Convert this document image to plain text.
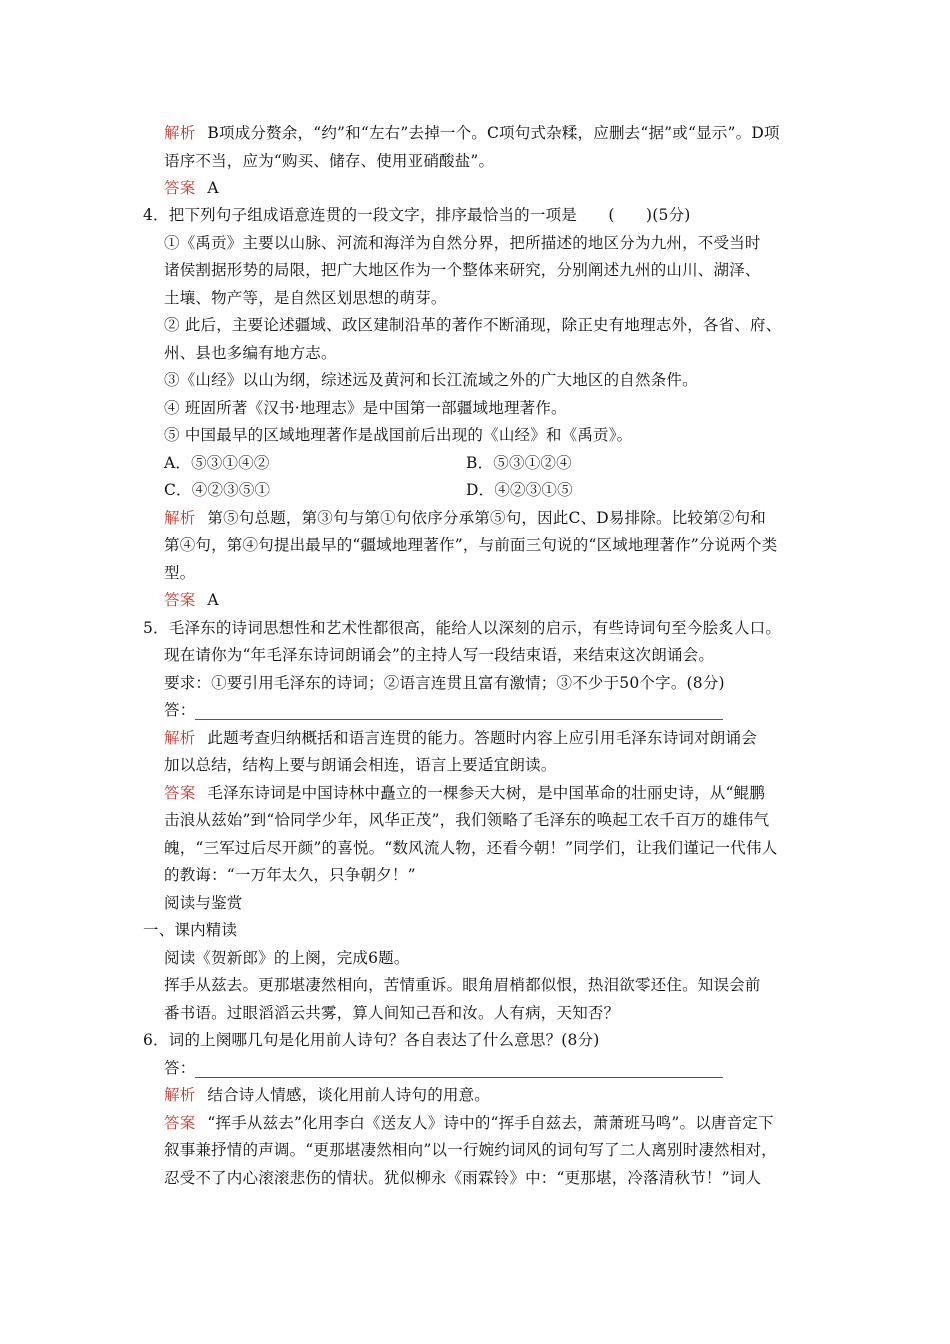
解析 B项成分赘余，“约”和“左右”去掉一个。C项句式杂糅，应删去“据”或“显示”。D项
语序不当，应为“购买、储存、使用亚硝酸盐”。
答案 A
4．把下列句子组成语意连贯的一段文字，排序最恰当的一项是　　(　　)(5分)
①《禹贡》主要以山脉、河流和海洋为自然分界，把所描述的地区分为九州，不受当时
诸侯割据形势的局限，把广大地区作为一个整体来研究，分别阐述九州的山川、湖泽、
土壤、物产等，是自然区划思想的萌芽。
② 此后，主要论述疆域、政区建制沿革的著作不断涌现，除正史有地理志外，各省、府、
州、县也多编有地方志。
③《山经》以山为纲，综述远及黄河和长江流域之外的广大地区的自然条件。
④ 班固所著《汉书·地理志》是中国第一部疆域地理著作。
⑤ 中国最早的区域地理著作是战国前后出现的《山经》和《禹贡》。
A．⑤③①④②	B．⑤③①②④
C．④②③⑤①	D．④②③①⑤
解析 第⑤句总题，第③句与第①句依序分承第⑤句，因此C、D易排除。比较第②句和
第④句，第④句提出最早的“疆域地理著作”，与前面三句说的“区域地理著作”分说两个类
型。
答案 A
5．毛泽东的诗词思想性和艺术性都很高，能给人以深刻的启示，有些诗词句至今脍炙人口。
现在请你为“年毛泽东诗词朗诵会”的主持人写一段结束语，来结束这次朗诵会。
要求：①要引用毛泽东的诗词；②语言连贯且富有激情；③不少于50个字。(8分)
答：
解析 此题考查归纳概括和语言连贯的能力。答题时内容上应引用毛泽东诗词对朗诵会
加以总结，结构上要与朗诵会相连，语言上要适宜朗读。
答案 毛泽东诗词是中国诗林中矗立的一棵参天大树，是中国革命的壮丽史诗，从“鲲鹏
击浪从兹始”到“恰同学少年，风华正茂”，我们领略了毛泽东的唤起工农千百万的雄伟气
魄，“三军过后尽开颜”的喜悦。“数风流人物，还看今朝！”同学们，让我们谨记一代伟人
的教诲：“一万年太久，只争朝夕！”
阅读与鉴赏
一、课内精读
阅读《贺新郎》的上阕，完成6题。
挥手从兹去。更那堪凄然相向，苦情重诉。眼角眉梢都似恨，热泪欲零还住。知误会前
番书语。过眼滔滔云共雾，算人间知己吾和汝。人有病，天知否？
6．词的上阕哪几句是化用前人诗句？各自表达了什么意思？(8分)
答：
解析 结合诗人情感，谈化用前人诗句的用意。
答案 “挥手从兹去”化用李白《送友人》诗中的“挥手自兹去，萧萧班马鸣”。以唐音定下
叙事兼抒情的声调。“更那堪凄然相向”以一行婉约词风的词句写了二人离别时凄然相对，
忍受不了内心滚滚悲伤的情状。犹似柳永《雨霖铃》中：“更那堪，冷落清秋节！”词人
